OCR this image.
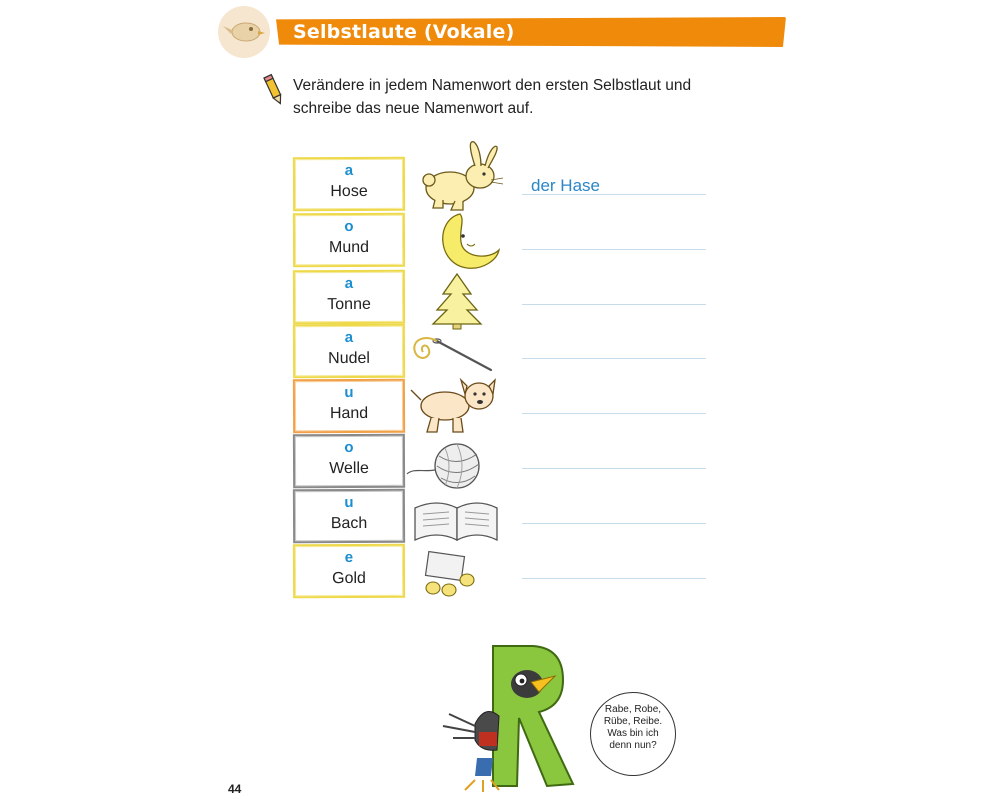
Selbstlaute (Vokale)
Verändere in jedem Namenwort den ersten Selbstlaut und
schreibe das neue Namenwort auf.
a
Hose	der Hase
o
Mund
a
Tonne
a
Nudel
u
Hand
o
Welle
u
Bach
e
Gold
Rabe, Robe,
Rübe, Reibe.
Was bin ich
denn nun?
44
